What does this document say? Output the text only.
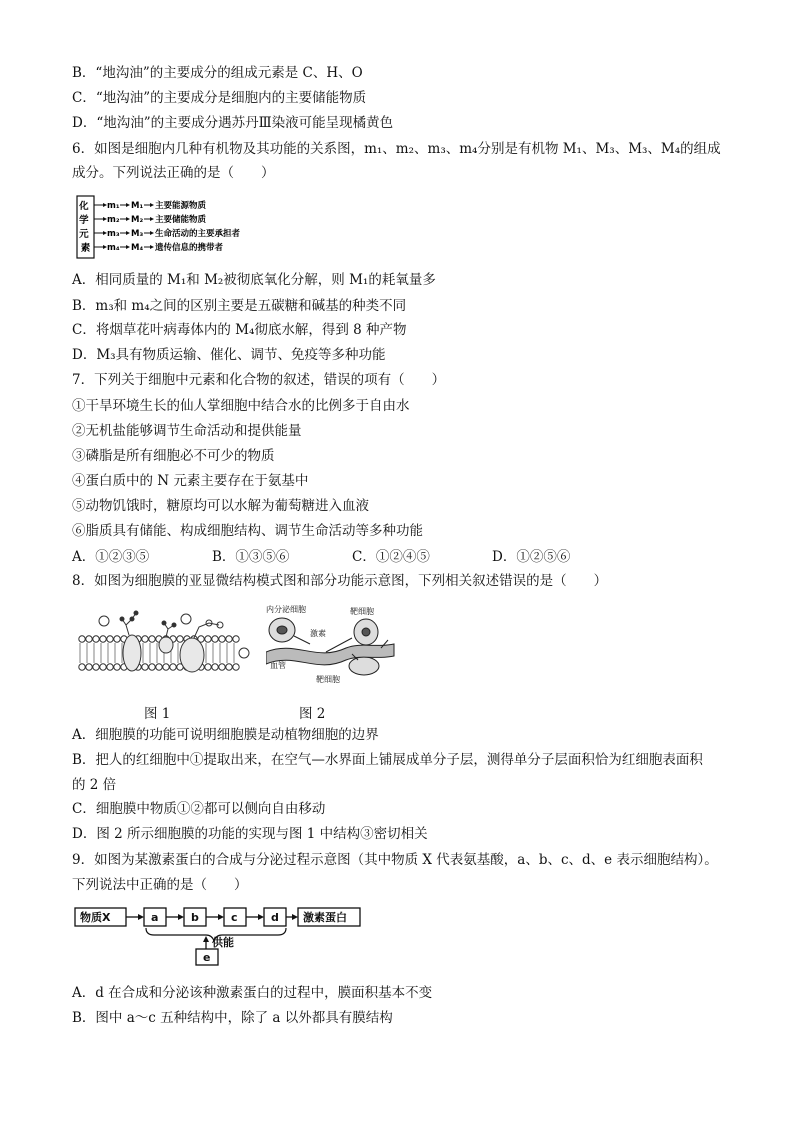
B．“地沟油”的主要成分的组成元素是 C、H、O
C．“地沟油”的主要成分是细胞内的主要储能物质
D．“地沟油”的主要成分遇苏丹Ⅲ染液可能呈现橘黄色
6．如图是细胞内几种有机物及其功能的关系图，m₁、m₂、m₃、m₄分别是有机物 M₁、M₃、M₃、M₄的组成
成分。下列说法正确的是（　　）
化 学 元 素
m₁ M₁ 主要能源物质
m₂ M₂ 主要储能物质
m₃ M₃ 生命活动的主要承担者
m₄ M₄ 遗传信息的携带者
A．相同质量的 M₁和 M₂被彻底氧化分解，则 M₁的耗氧量多
B．m₃和 m₄之间的区别主要是五碳糖和碱基的种类不同
C．将烟草花叶病毒体内的 M₄彻底水解，得到 8 种产物
D．M₃具有物质运输、催化、调节、免疫等多种功能
7．下列关于细胞中元素和化合物的叙述，错误的项有（　　）
①干旱环境生长的仙人掌细胞中结合水的比例多于自由水
②无机盐能够调节生命活动和提供能量
③磷脂是所有细胞必不可少的物质
④蛋白质中的 N 元素主要存在于氨基中
⑤动物饥饿时，糖原均可以水解为葡萄糖进入血液
⑥脂质具有储能、构成细胞结构、调节生命活动等多种功能
A．①②③⑤	B．①③⑤⑥	C．①②④⑤	D．①②⑤⑥
8．如图为细胞膜的亚显微结构模式图和部分功能示意图，下列相关叙述错误的是（　　）
内分泌细胞	靶细胞
激素
血管
靶细胞
图 1	图 2
A．细胞膜的功能可说明细胞膜是动植物细胞的边界
B．把人的红细胞中①提取出来，在空气—水界面上铺展成单分子层，测得单分子层面积恰为红细胞表面积
的 2 倍
C．细胞膜中物质①②都可以侧向自由移动
D．图 2 所示细胞膜的功能的实现与图 1 中结构③密切相关
9．如图为某激素蛋白的合成与分泌过程示意图（其中物质 X 代表氨基酸，a、b、c、d、e 表示细胞结构）。
下列说法中正确的是（　　）
物质X	a	b	c	d 激素蛋白
供能
e
A．d 在合成和分泌该种激素蛋白的过程中，膜面积基本不变
B．图中 a～c 五种结构中，除了 a 以外都具有膜结构
